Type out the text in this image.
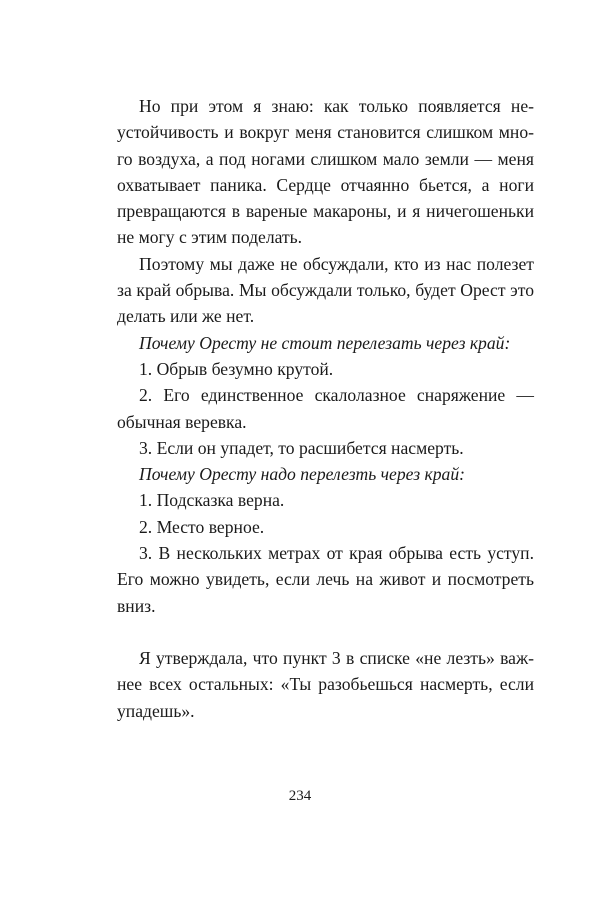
Но при этом я знаю: как только появляется неустойчивость и вокруг меня становится слишком много воздуха, а под ногами слишком мало земли — меня охватывает паника. Сердце отчаянно бьется, а ноги превращаются в вареные макароны, и я ничегошеньки не могу с этим поделать.

Поэтому мы даже не обсуждали, кто из нас полезет за край обрыва. Мы обсуждали только, будет Орест это делать или же нет.

Почему Оресту не стоит перелезать через край:

1. Обрыв безумно крутой.

2. Его единственное скалолазное снаряжение — обычная веревка.

3. Если он упадет, то расшибется насмерть.

Почему Оресту надо перелезть через край:

1. Подсказка верна.

2. Место верное.

3. В нескольких метрах от края обрыва есть уступ. Его можно увидеть, если лечь на живот и посмотреть вниз.

Я утверждала, что пункт 3 в списке «не лезть» важнее всех остальных: «Ты разобьешься насмерть, если упадешь».

234
